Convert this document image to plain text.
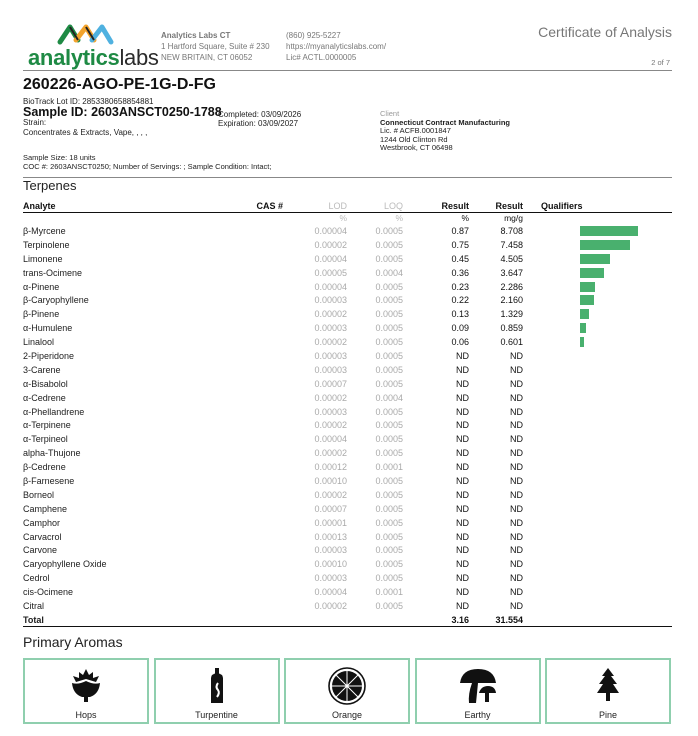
analyticslabs
Analytics Labs CT
1 Hartford Square, Suite # 230
NEW BRITAIN, CT 06052
(860) 925-5227
https://myanalyticslabs.com/
Lic# ACTL.0000005
Certificate of Analysis
2 of 7
260226-AGO-PE-1G-D-FG
BioTrack Lot ID: 2853380658854881
Sample ID: 2603ANSCT0250-1788
Strain:
Concentrates & Extracts, Vape, , , ,
Completed: 03/09/2026
Expiration: 03/09/2027
Client
Connecticut Contract Manufacturing
Lic. # ACFB.0001847
1244 Old Clinton Rd
Westbrook, CT 06498
Sample Size: 18 units
COC #: 2603ANSCT0250; Number of Servings: ; Sample Condition: Intact;
Terpenes
Analyte	CAS #	LOD	LOQ	Result	Result	Qualifiers
		%	%	%	mg/g	
β-Myrcene		0.00004	0.0005	0.87	8.708	

Terpinolene		0.00002	0.0005	0.75	7.458	

Limonene		0.00004	0.0005	0.45	4.505	

trans-Ocimene		0.00005	0.0004	0.36	3.647	

α-Pinene		0.00004	0.0005	0.23	2.286	

β-Caryophyllene		0.00003	0.0005	0.22	2.160	

β-Pinene		0.00002	0.0005	0.13	1.329	

α-Humulene		0.00003	0.0005	0.09	0.859	

Linalool		0.00002	0.0005	0.06	0.601	

2-Piperidone		0.00003	0.0005	ND	ND	
3-Carene		0.00003	0.0005	ND	ND	
α-Bisabolol		0.00007	0.0005	ND	ND	
α-Cedrene		0.00002	0.0004	ND	ND	
α-Phellandrene		0.00003	0.0005	ND	ND	
α-Terpinene		0.00002	0.0005	ND	ND	
α-Terpineol		0.00004	0.0005	ND	ND	
alpha-Thujone		0.00002	0.0005	ND	ND	
β-Cedrene		0.00012	0.0001	ND	ND	
β-Farnesene		0.00010	0.0005	ND	ND	
Borneol		0.00002	0.0005	ND	ND	
Camphene		0.00007	0.0005	ND	ND	
Camphor		0.00001	0.0005	ND	ND	
Carvacrol		0.00013	0.0005	ND	ND	
Carvone		0.00003	0.0005	ND	ND	
Caryophyllene Oxide		0.00010	0.0005	ND	ND	
Cedrol		0.00003	0.0005	ND	ND	
cis-Ocimene		0.00004	0.0001	ND	ND	
Citral		0.00002	0.0005	ND	ND	
Total				3.16	31.554	
Primary Aromas
Hops	Turpentine	Orange	Earthy	Pine
